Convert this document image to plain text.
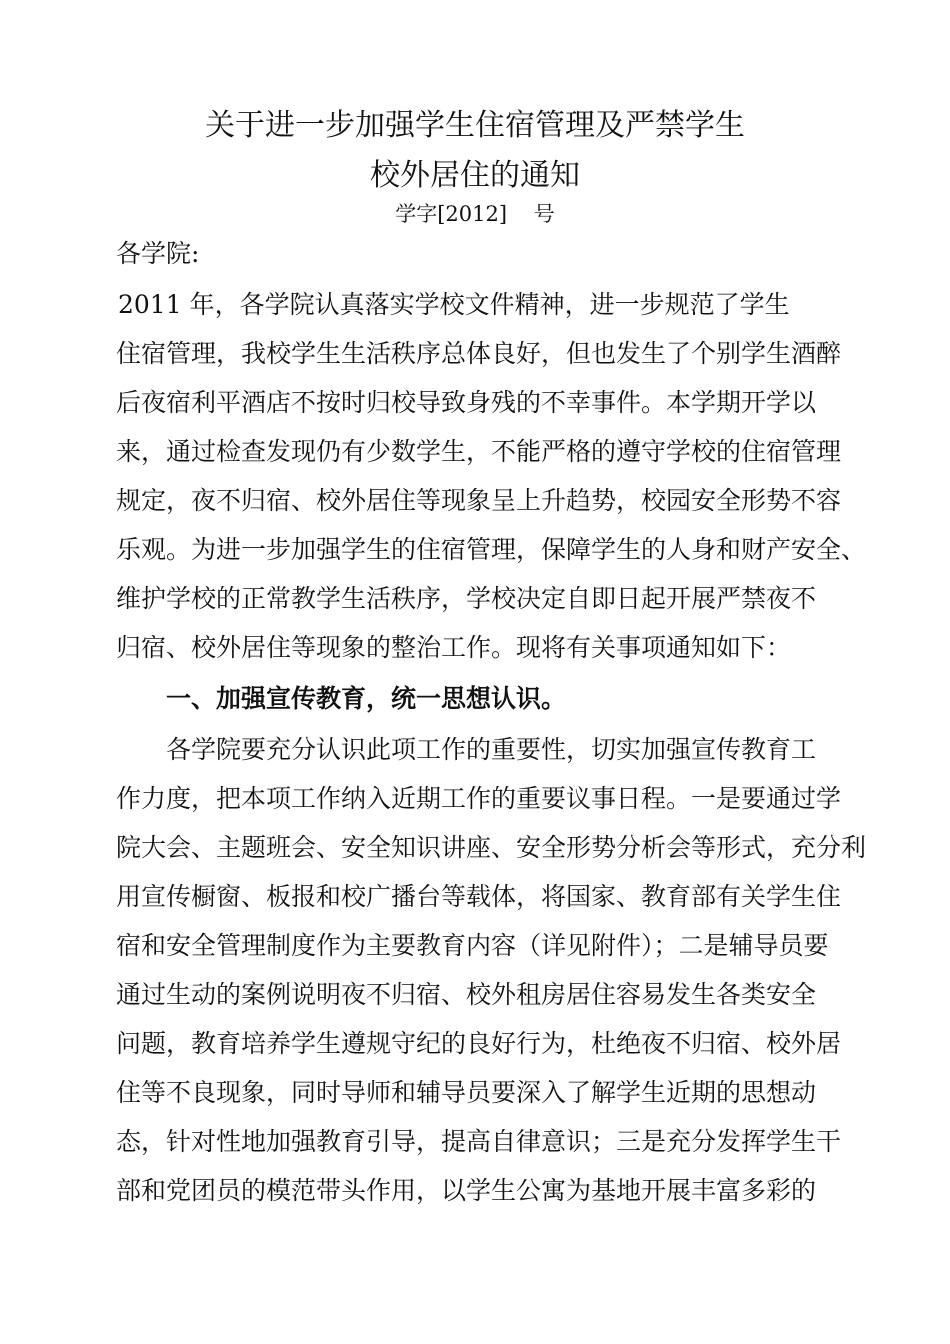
关于进一步加强学生住宿管理及严禁学生
校外居住的通知
学字[2012]    号

各学院:

2011 年，各学院认真落实学校文件精神，进一步规范了学生

住宿管理，我校学生生活秩序总体良好，但也发生了个别学生酒醉

后夜宿利平酒店不按时归校导致身残的不幸事件。本学期开学以

来，通过检查发现仍有少数学生，不能严格的遵守学校的住宿管理

规定，夜不归宿、校外居住等现象呈上升趋势，校园安全形势不容

乐观。为进一步加强学生的住宿管理，保障学生的人身和财产安全、

维护学校的正常教学生活秩序，学校决定自即日起开展严禁夜不

归宿、校外居住等现象的整治工作。现将有关事项通知如下：

一、加强宣传教育，统一思想认识。

各学院要充分认识此项工作的重要性，切实加强宣传教育工

作力度，把本项工作纳入近期工作的重要议事日程。一是要通过学

院大会、主题班会、安全知识讲座、安全形势分析会等形式，充分利

用宣传橱窗、板报和校广播台等载体，将国家、教育部有关学生住

宿和安全管理制度作为主要教育内容（详见附件）；二是辅导员要

通过生动的案例说明夜不归宿、校外租房居住容易发生各类安全

问题，教育培养学生遵规守纪的良好行为，杜绝夜不归宿、校外居

住等不良现象，同时导师和辅导员要深入了解学生近期的思想动

态，针对性地加强教育引导，提高自律意识；三是充分发挥学生干

部和党团员的模范带头作用，以学生公寓为基地开展丰富多彩的
